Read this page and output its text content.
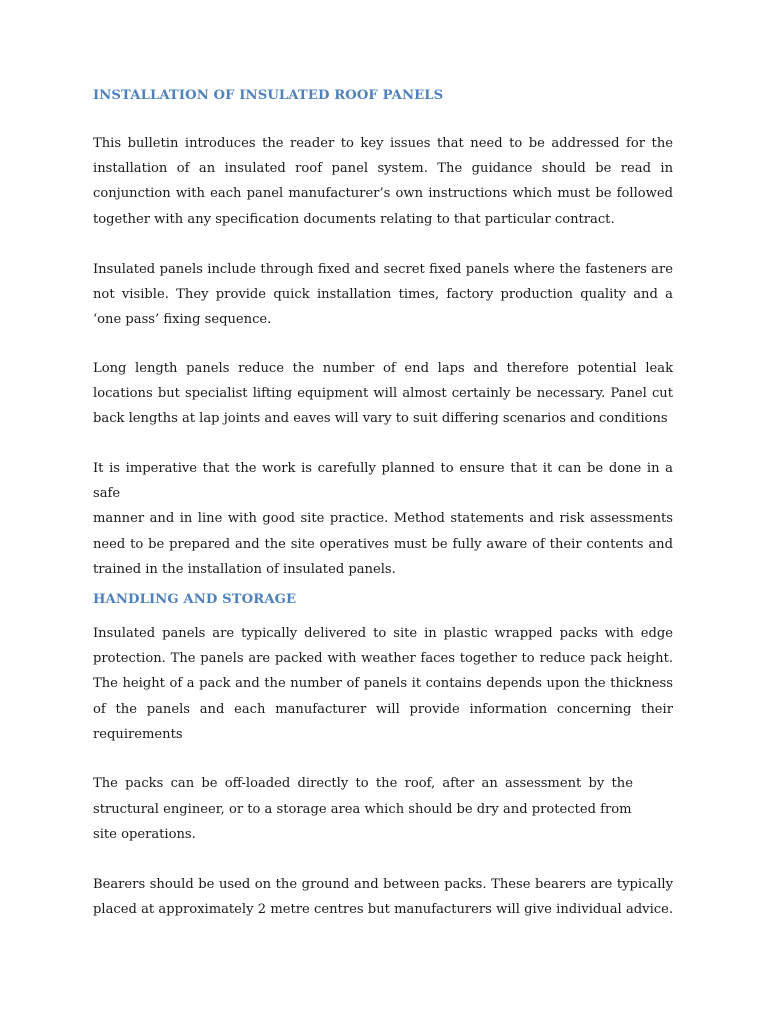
INSTALLATION OF INSULATED ROOF PANELS
This bulletin introduces the reader to key issues that need to be addressed for the
installation of an insulated roof panel system. The guidance should be read in
conjunction with each panel manufacturer’s own instructions which must be followed
together with any specification documents relating to that particular contract.
Insulated panels include through fixed and secret fixed panels where the fasteners are
not visible. They provide quick installation times, factory production quality and a
‘one pass’ fixing sequence.
Long length panels reduce the number of end laps and therefore potential leak
locations but specialist lifting equipment will almost certainly be necessary. Panel cut
back lengths at lap joints and eaves will vary to suit differing scenarios and conditions
It is imperative that the work is carefully planned to ensure that it can be done in a safe
manner and in line with good site practice. Method statements and risk assessments
need to be prepared and the site operatives must be fully aware of their contents and
trained in the installation of insulated panels.
HANDLING AND STORAGE
Insulated panels are typically delivered to site in plastic wrapped packs with edge
protection. The panels are packed with weather faces together to reduce pack height.
The height of a pack and the number of panels it contains depends upon the thickness
of the panels and each manufacturer will provide information concerning their
requirements
The packs can be off-loaded directly to the roof, after an assessment by the
structural engineer, or to a storage area which should be dry and protected from
site operations.
Bearers should be used on the ground and between packs. These bearers are typically
placed at approximately 2 metre centres but manufacturers will give individual advice.
